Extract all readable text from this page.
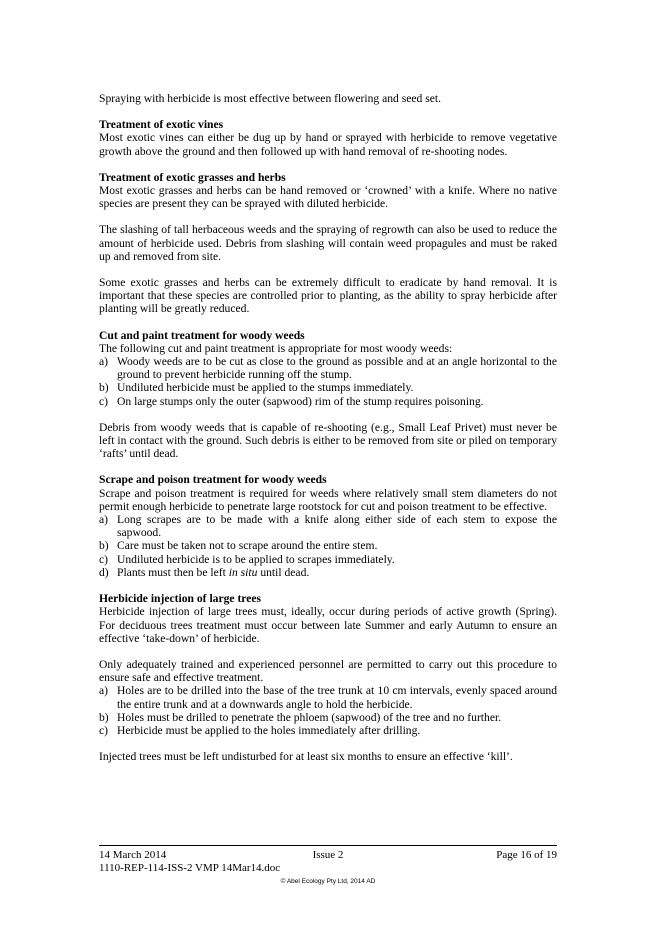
Spraying with herbicide is most effective between flowering and seed set.

Treatment of exotic vines

Most exotic vines can either be dug up by hand or sprayed with herbicide to remove vegetative growth above the ground and then followed up with hand removal of re-shooting nodes.

Treatment of exotic grasses and herbs

Most exotic grasses and herbs can be hand removed or ‘crowned’ with a knife. Where no native species are present they can be sprayed with diluted herbicide.

The slashing of tall herbaceous weeds and the spraying of regrowth can also be used to reduce the amount of herbicide used. Debris from slashing will contain weed propagules and must be raked up and removed from site.

Some exotic grasses and herbs can be extremely difficult to eradicate by hand removal. It is important that these species are controlled prior to planting, as the ability to spray herbicide after planting will be greatly reduced.

Cut and paint treatment for woody weeds

The following cut and paint treatment is appropriate for most woody weeds:

a) Woody weeds are to be cut as close to the ground as possible and at an angle horizontal to the ground to prevent herbicide running off the stump.
b) Undiluted herbicide must be applied to the stumps immediately.
c) On large stumps only the outer (sapwood) rim of the stump requires poisoning.

Debris from woody weeds that is capable of re-shooting (e.g., Small Leaf Privet) must never be left in contact with the ground. Such debris is either to be removed from site or piled on temporary ‘rafts’ until dead.

Scrape and poison treatment for woody weeds

Scrape and poison treatment is required for weeds where relatively small stem diameters do not permit enough herbicide to penetrate large rootstock for cut and poison treatment to be effective.

a) Long scrapes are to be made with a knife along either side of each stem to expose the sapwood.
b) Care must be taken not to scrape around the entire stem.
c) Undiluted herbicide is to be applied to scrapes immediately.
d) Plants must then be left in situ until dead.

Herbicide injection of large trees

Herbicide injection of large trees must, ideally, occur during periods of active growth (Spring). For deciduous trees treatment must occur between late Summer and early Autumn to ensure an effective ‘take-down’ of herbicide.

Only adequately trained and experienced personnel are permitted to carry out this procedure to ensure safe and effective treatment.

a) Holes are to be drilled into the base of the tree trunk at 10 cm intervals, evenly spaced around the entire trunk and at a downwards angle to hold the herbicide.
b) Holes must be drilled to penetrate the phloem (sapwood) of the tree and no further.
c) Herbicide must be applied to the holes immediately after drilling.

Injected trees must be left undisturbed for at least six months to ensure an effective ‘kill’.

14 March 2014	Issue 2	Page 16 of 19
1110-REP-114-ISS-2 VMP 14Mar14.doc
© Abel Ecology Pty Ltd, 2014 AD
